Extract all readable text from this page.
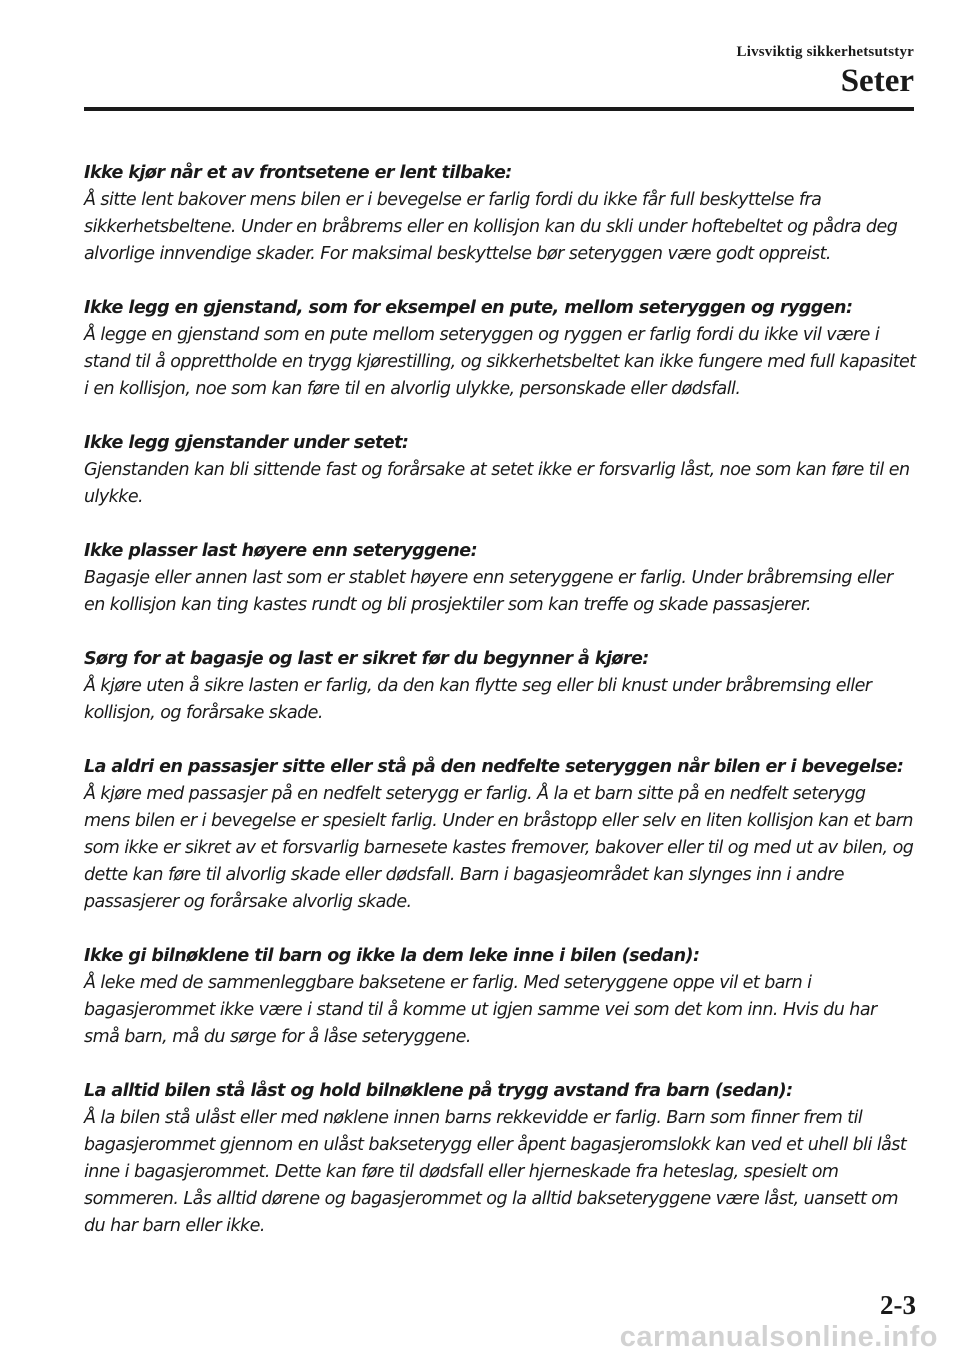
Livsviktig sikkerhetsutstyr
Seter
Ikke kjør når et av frontsetene er lent tilbake:
Å sitte lent bakover mens bilen er i bevegelse er farlig fordi du ikke får full beskyttelse fra sikkerhetsbeltene. Under en bråbrems eller en kollisjon kan du skli under hoftebeltet og pådra deg alvorlige innvendige skader. For maksimal beskyttelse bør seteryggen være godt oppreist.
Ikke legg en gjenstand, som for eksempel en pute, mellom seteryggen og ryggen:
Å legge en gjenstand som en pute mellom seteryggen og ryggen er farlig fordi du ikke vil være i stand til å opprettholde en trygg kjørestilling, og sikkerhetsbeltet kan ikke fungere med full kapasitet i en kollisjon, noe som kan føre til en alvorlig ulykke, personskade eller dødsfall.
Ikke legg gjenstander under setet:
Gjenstanden kan bli sittende fast og forårsake at setet ikke er forsvarlig låst, noe som kan føre til en ulykke.
Ikke plasser last høyere enn seteryggene:
Bagasje eller annen last som er stablet høyere enn seteryggene er farlig. Under bråbremsing eller en kollisjon kan ting kastes rundt og bli prosjektiler som kan treffe og skade passasjerer.
Sørg for at bagasje og last er sikret før du begynner å kjøre:
Å kjøre uten å sikre lasten er farlig, da den kan flytte seg eller bli knust under bråbremsing eller kollisjon, og forårsake skade.
La aldri en passasjer sitte eller stå på den nedfelte seteryggen når bilen er i bevegelse:
Å kjøre med passasjer på en nedfelt seterygg er farlig. Å la et barn sitte på en nedfelt seterygg mens bilen er i bevegelse er spesielt farlig. Under en bråstopp eller selv en liten kollisjon kan et barn som ikke er sikret av et forsvarlig barnesete kastes fremover, bakover eller til og med ut av bilen, og dette kan føre til alvorlig skade eller dødsfall. Barn i bagasjeområdet kan slynges inn i andre passasjerer og forårsake alvorlig skade.
Ikke gi bilnøklene til barn og ikke la dem leke inne i bilen (sedan):
Å leke med de sammenleggbare baksetene er farlig. Med seteryggene oppe vil et barn i bagasjerommet ikke være i stand til å komme ut igjen samme vei som det kom inn. Hvis du har små barn, må du sørge for å låse seteryggene.
La alltid bilen stå låst og hold bilnøklene på trygg avstand fra barn (sedan):
Å la bilen stå ulåst eller med nøklene innen barns rekkevidde er farlig. Barn som finner frem til bagasjerommet gjennom en ulåst bakseterygg eller åpent bagasjeromslokk kan ved et uhell bli låst inne i bagasjerommet. Dette kan føre til dødsfall eller hjerneskade fra heteslag, spesielt om sommeren. Lås alltid dørene og bagasjerommet og la alltid bakseteryggene være låst, uansett om du har barn eller ikke.
2-3
carmanualsonline.info
